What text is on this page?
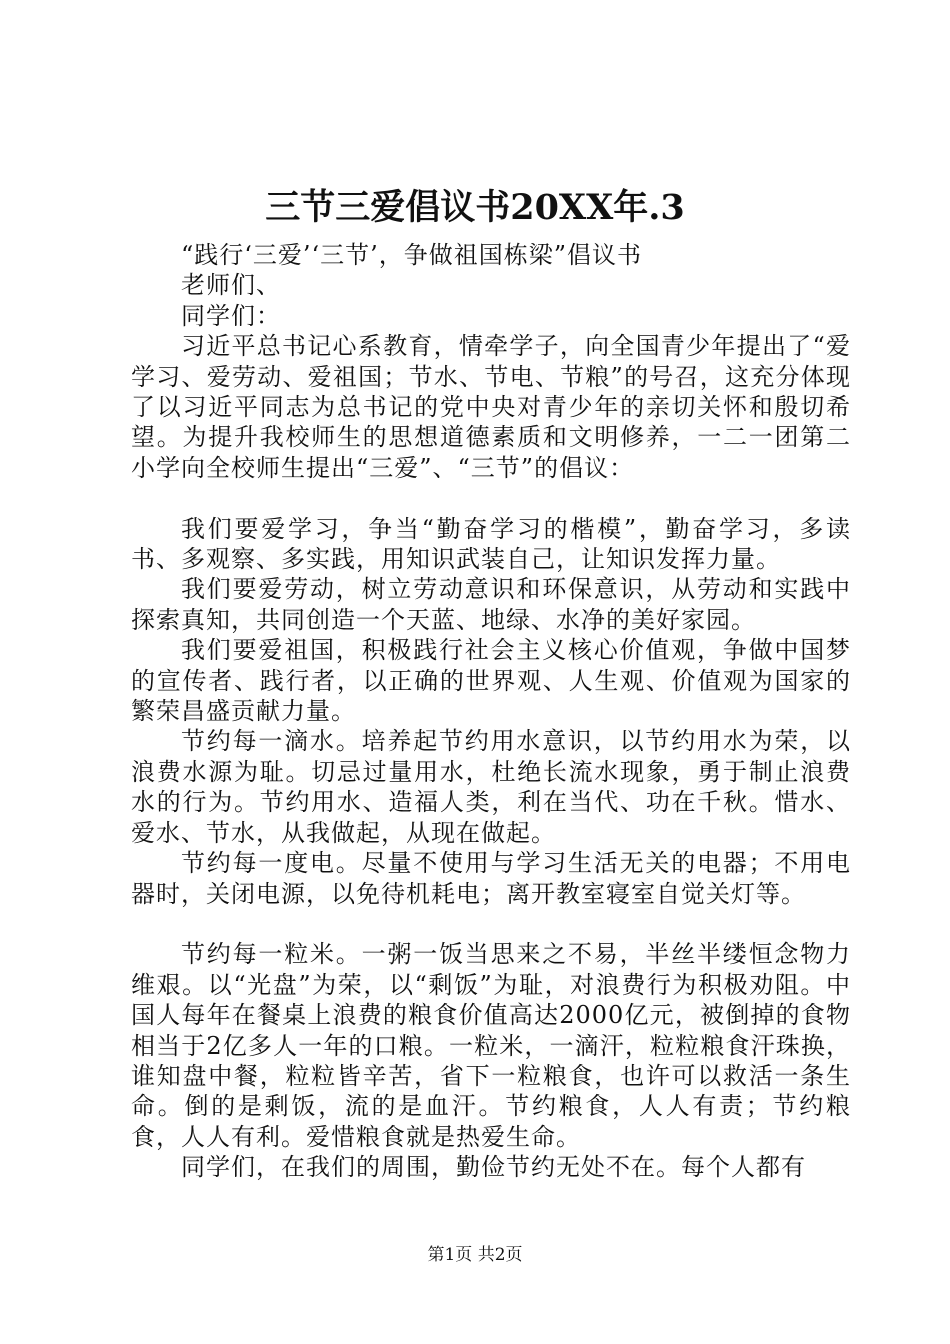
三节三爱倡议书20XX年.3

“践行‘三爱’‘三节’，争做祖国栋梁”倡议书

老师们、

同学们：

习近平总书记心系教育，情牵学子，向全国青少年提出了“爱学习、爱劳动、爱祖国；节水、节电、节粮”的号召，这充分体现了以习近平同志为总书记的党中央对青少年的亲切关怀和殷切希望。为提升我校师生的思想道德素质和文明修养，一二一团第二小学向全校师生提出“三爱”、“三节”的倡议：

我们要爱学习，争当“勤奋学习的楷模”，勤奋学习，多读书、多观察、多实践，用知识武装自己，让知识发挥力量。

我们要爱劳动，树立劳动意识和环保意识，从劳动和实践中探索真知，共同创造一个天蓝、地绿、水净的美好家园。

我们要爱祖国，积极践行社会主义核心价值观，争做中国梦的宣传者、践行者，以正确的世界观、人生观、价值观为国家的繁荣昌盛贡献力量。

节约每一滴水。培养起节约用水意识，以节约用水为荣，以浪费水源为耻。切忌过量用水，杜绝长流水现象，勇于制止浪费水的行为。节约用水、造福人类，利在当代、功在千秋。惜水、爱水、节水，从我做起，从现在做起。

节约每一度电。尽量不使用与学习生活无关的电器；不用电器时，关闭电源，以免待机耗电；离开教室寝室自觉关灯等。

节约每一粒米。一粥一饭当思来之不易，半丝半缕恒念物力维艰。以“光盘”为荣，以“剩饭”为耻，对浪费行为积极劝阻。中国人每年在餐桌上浪费的粮食价值高达2000亿元，被倒掉的食物相当于2亿多人一年的口粮。一粒米，一滴汗，粒粒粮食汗珠换，谁知盘中餐，粒粒皆辛苦，省下一粒粮食，也许可以救活一条生命。倒的是剩饭，流的是血汗。节约粮食，人人有责；节约粮食，人人有利。爱惜粮食就是热爱生命。

同学们，在我们的周围，勤俭节约无处不在。每个人都有

第1页 共2页
